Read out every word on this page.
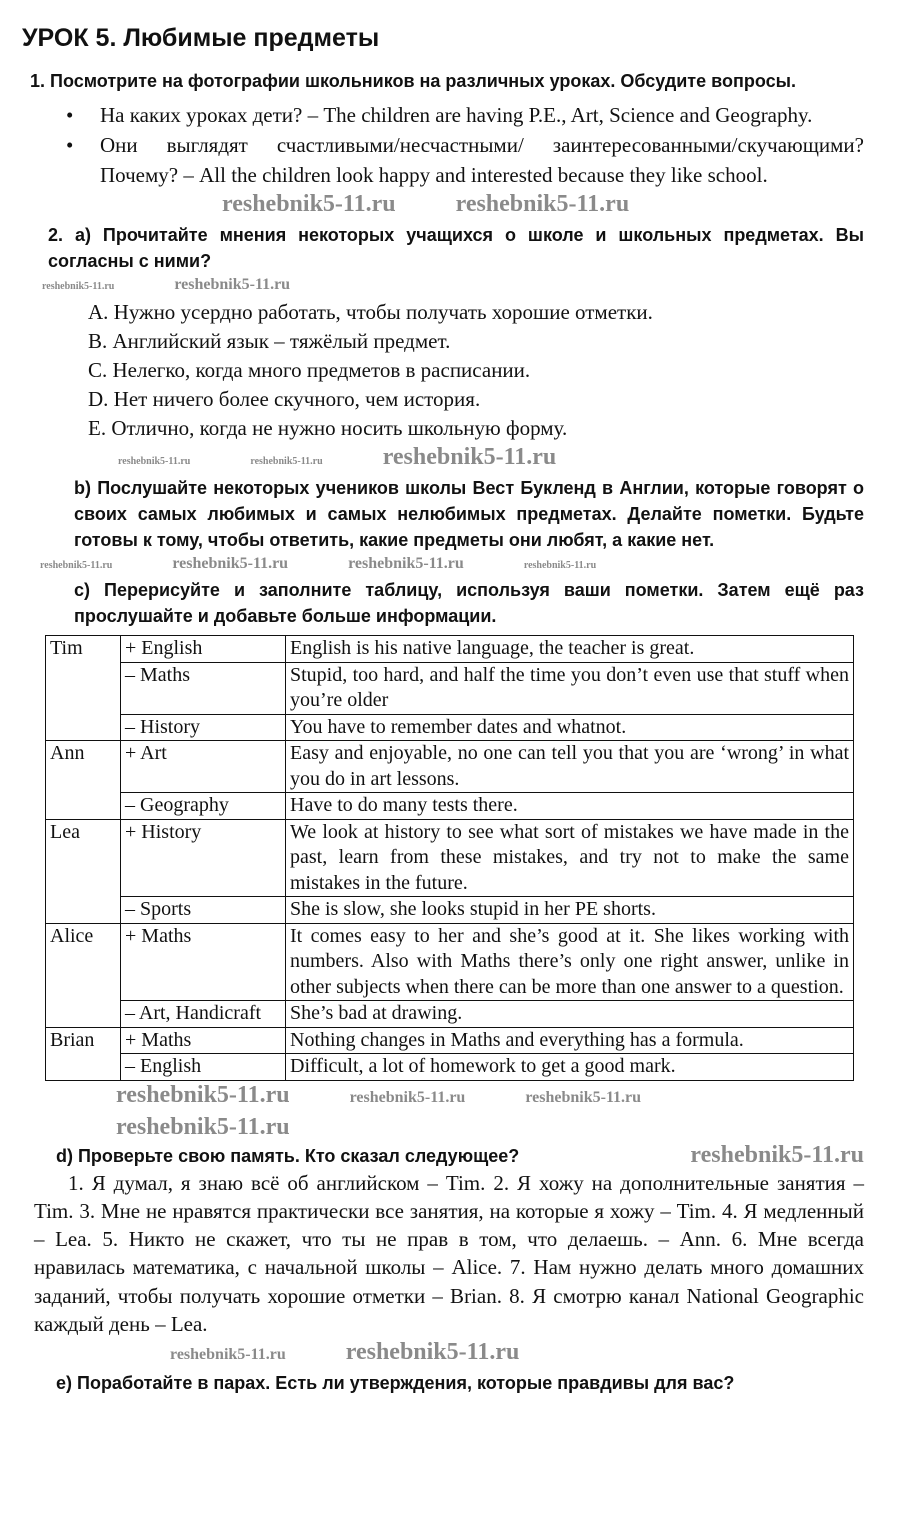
УРОК 5. Любимые предметы
1. Посмотрите на фотографии школьников на различных уроках. Обсудите вопросы.
• На каких уроках дети? – The children are having P.E., Art, Science and Geography.
• Они выглядят счастливыми/несчастными/ заинтересованными/скучающими? Почему? – All the children look happy and interested because they like school.
reshebnik5-11.ru	reshebnik5-11.ru
2. a) Прочитайте мнения некоторых учащихся о школе и школьных предметах. Вы согласны с ними?
reshebnik5-11.ru	reshebnik5-11.ru
A. Нужно усердно работать, чтобы получать хорошие отметки.
B. Английский язык – тяжёлый предмет.
C. Нелегко, когда много предметов в расписании.
D. Нет ничего более скучного, чем история.
E. Отлично, когда не нужно носить школьную форму.
reshebnik5-11.ru	reshebnik5-11.ru	reshebnik5-11.ru
b) Послушайте некоторых учеников школы Вест Букленд в Англии, которые говорят о своих самых любимых и самых нелюбимых предметах. Делайте пометки. Будьте готовы к тому, чтобы ответить, какие предметы они любят, а какие нет.
reshebnik5-11.ru	reshebnik5-11.ru	reshebnik5-11.ru	reshebnik5-11.ru
c) Перерисуйте и заполните таблицу, используя ваши пометки. Затем ещё раз прослушайте и добавьте больше информации.
Tim	+ English	English is his native language, the teacher is great.
	– Maths	Stupid, too hard, and half the time you don’t even use that stuff when you’re older
	– History	You have to remember dates and whatnot.
Ann	+ Art	Easy and enjoyable, no one can tell you that you are ‘wrong’ in what you do in art lessons.
	– Geography	Have to do many tests there.
Lea	+ History	We look at history to see what sort of mistakes we have made in the past, learn from these mistakes, and try not to make the same mistakes in the future.
	– Sports	She is slow, she looks stupid in her PE shorts.
Alice	+ Maths	It comes easy to her and she’s good at it. She likes working with numbers. Also with Maths there’s only one right answer, unlike in other subjects when there can be more than one answer to a question.
	– Art, Handicraft	She’s bad at drawing.
Brian	+ Maths	Nothing changes in Maths and everything has a formula.
	– English	Difficult, a lot of homework to get a good mark.
reshebnik5-11.ru	reshebnik5-11.ru	reshebnik5-11.ru
reshebnik5-11.ru
d) Проверьте свою память. Кто сказал следующее?	reshebnik5-11.ru
1. Я думал, я знаю всё об английском – Tim. 2. Я хожу на дополнительные занятия – Tim. 3. Мне не нравятся практически все занятия, на которые я хожу – Tim. 4. Я медленный – Lea. 5. Никто не скажет, что ты не прав в том, что делаешь. – Ann. 6. Мне всегда нравилась математика, с начальной школы – Alice. 7. Нам нужно делать много домашних заданий, чтобы получать хорошие отметки – Brian. 8. Я смотрю канал National Geographic каждый день – Lea.
reshebnik5-11.ru	reshebnik5-11.ru
e) Поработайте в парах. Есть ли утверждения, которые правдивы для вас?
